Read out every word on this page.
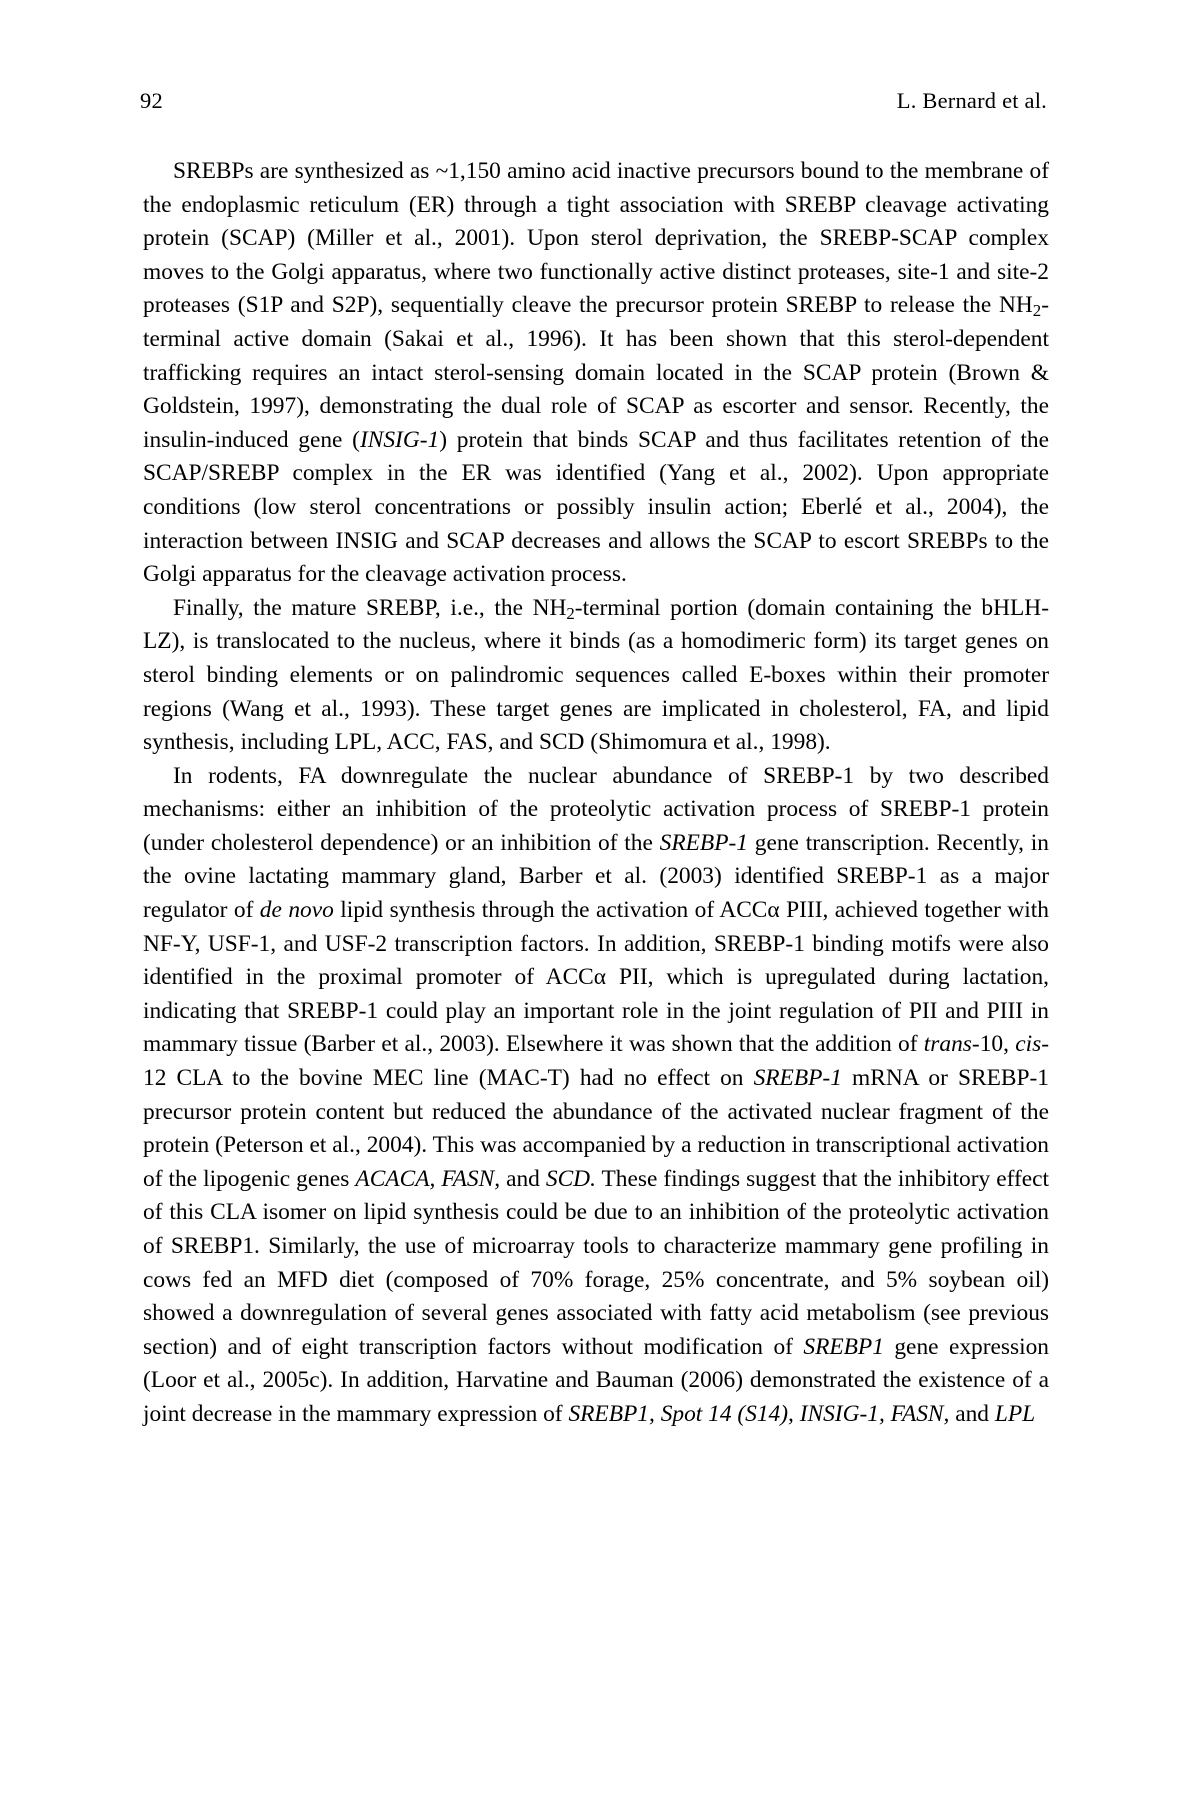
92	L. Bernard et al.

SREBPs are synthesized as ~1,150 amino acid inactive precursors bound to the membrane of the endoplasmic reticulum (ER) through a tight association with SREBP cleavage activating protein (SCAP) (Miller et al., 2001). Upon sterol deprivation, the SREBP-SCAP complex moves to the Golgi apparatus, where two functionally active distinct proteases, site-1 and site-2 proteases (S1P and S2P), sequentially cleave the precursor protein SREBP to release the $NH_2$-terminal active domain (Sakai et al., 1996). It has been shown that this sterol-dependent trafficking requires an intact sterol-sensing domain located in the SCAP protein (Brown & Goldstein, 1997), demonstrating the dual role of SCAP as escorter and sensor. Recently, the insulin-induced gene (INSIG-1) protein that binds SCAP and thus facilitates retention of the SCAP/SREBP complex in the ER was identified (Yang et al., 2002). Upon appropriate conditions (low sterol concentrations or possibly insulin action; Eberlé et al., 2004), the interaction between INSIG and SCAP decreases and allows the SCAP to escort SREBPs to the Golgi apparatus for the cleavage activation process.

Finally, the mature SREBP, i.e., the $NH_2$-terminal portion (domain containing the bHLH-LZ), is translocated to the nucleus, where it binds (as a homodimeric form) its target genes on sterol binding elements or on palindromic sequences called E-boxes within their promoter regions (Wang et al., 1993). These target genes are implicated in cholesterol, FA, and lipid synthesis, including LPL, ACC, FAS, and SCD (Shimomura et al., 1998).

In rodents, FA downregulate the nuclear abundance of SREBP-1 by two described mechanisms: either an inhibition of the proteolytic activation process of SREBP-1 protein (under cholesterol dependence) or an inhibition of the SREBP-1 gene transcription. Recently, in the ovine lactating mammary gland, Barber et al. (2003) identified SREBP-1 as a major regulator of de novo lipid synthesis through the activation of ACCα PIII, achieved together with NF-Y, USF-1, and USF-2 transcription factors. In addition, SREBP-1 binding motifs were also identified in the proximal promoter of ACCα PII, which is upregulated during lactation, indicating that SREBP-1 could play an important role in the joint regulation of PII and PIII in mammary tissue (Barber et al., 2003). Elsewhere it was shown that the addition of trans-10, cis-12 CLA to the bovine MEC line (MAC-T) had no effect on SREBP-1 mRNA or SREBP-1 precursor protein content but reduced the abundance of the activated nuclear fragment of the protein (Peterson et al., 2004). This was accompanied by a reduction in transcriptional activation of the lipogenic genes ACACA, FASN, and SCD. These findings suggest that the inhibitory effect of this CLA isomer on lipid synthesis could be due to an inhibition of the proteolytic activation of SREBP1. Similarly, the use of microarray tools to characterize mammary gene profiling in cows fed an MFD diet (composed of 70% forage, 25% concentrate, and 5% soybean oil) showed a downregulation of several genes associated with fatty acid metabolism (see previous section) and of eight transcription factors without modification of SREBP1 gene expression (Loor et al., 2005c). In addition, Harvatine and Bauman (2006) demonstrated the existence of a joint decrease in the mammary expression of SREBP1, Spot 14 (S14), INSIG-1, FASN, and LPL
